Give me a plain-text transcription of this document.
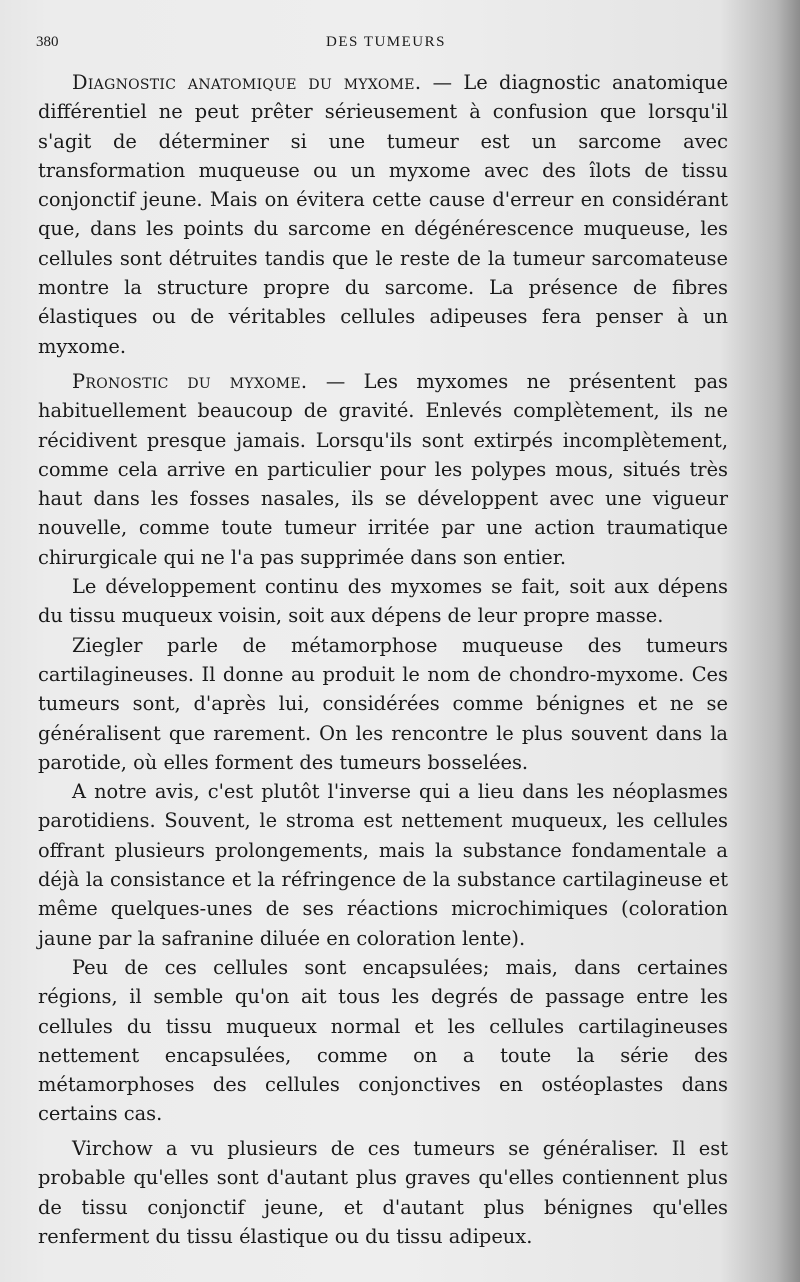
380	DES TUMEURS

Diagnostic anatomique du myxome. — Le diagnostic anatomique différentiel ne peut prêter sérieusement à confusion que lorsqu'il s'agit de déterminer si une tumeur est un sarcome avec transformation muqueuse ou un myxome avec des îlots de tissu conjonctif jeune. Mais on évitera cette cause d'erreur en considérant que, dans les points du sarcome en dégénérescence muqueuse, les cellules sont détruites tandis que le reste de la tumeur sarcomateuse montre la structure propre du sarcome. La présence de fibres élastiques ou de véritables cellules adipeuses fera penser à un myxome.

Pronostic du myxome. — Les myxomes ne présentent pas habituellement beaucoup de gravité. Enlevés complètement, ils ne récidivent presque jamais. Lorsqu'ils sont extirpés incomplètement, comme cela arrive en particulier pour les polypes mous, situés très haut dans les fosses nasales, ils se développent avec une vigueur nouvelle, comme toute tumeur irritée par une action traumatique chirurgicale qui ne l'a pas supprimée dans son entier.

Le développement continu des myxomes se fait, soit aux dépens du tissu muqueux voisin, soit aux dépens de leur propre masse.

Ziegler parle de métamorphose muqueuse des tumeurs cartilagineuses. Il donne au produit le nom de chondro-myxome. Ces tumeurs sont, d'après lui, considérées comme bénignes et ne se généralisent que rarement. On les rencontre le plus souvent dans la parotide, où elles forment des tumeurs bosselées.

A notre avis, c'est plutôt l'inverse qui a lieu dans les néoplasmes parotidiens. Souvent, le stroma est nettement muqueux, les cellules offrant plusieurs prolongements, mais la substance fondamentale a déjà la consistance et la réfringence de la substance cartilagineuse et même quelques-unes de ses réactions microchimiques (coloration jaune par la safranine diluée en coloration lente).

Peu de ces cellules sont encapsulées; mais, dans certaines régions, il semble qu'on ait tous les degrés de passage entre les cellules du tissu muqueux normal et les cellules cartilagineuses nettement encapsulées, comme on a toute la série des métamorphoses des cellules conjonctives en ostéoplastes dans certains cas.

Virchow a vu plusieurs de ces tumeurs se généraliser. Il est probable qu'elles sont d'autant plus graves qu'elles contiennent plus de tissu conjonctif jeune, et d'autant plus bénignes qu'elles renferment du tissu élastique ou du tissu adipeux.
